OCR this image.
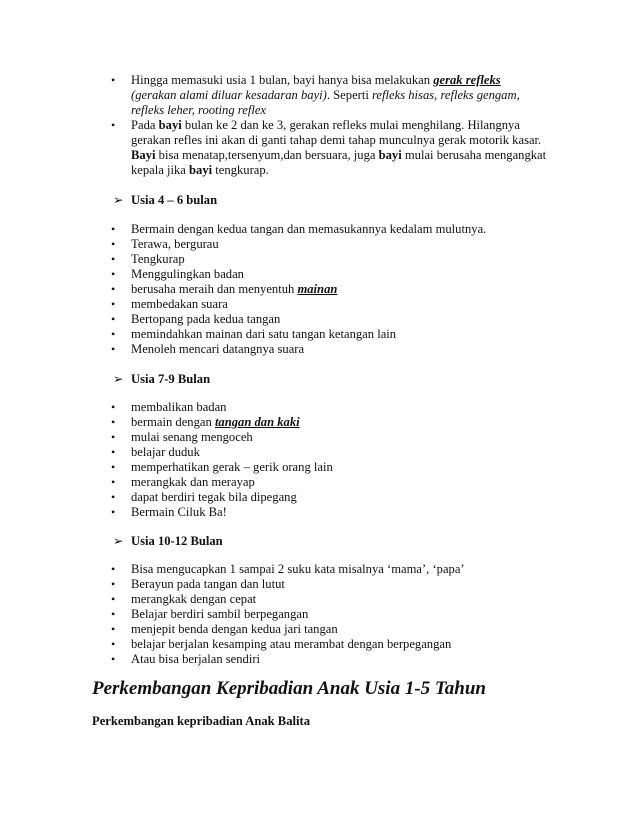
• Hingga memasuki usia 1 bulan, bayi hanya bisa melakukan gerak refleks
(gerakan alami diluar kesadaran bayi). Seperti refleks hisas, refleks gengam, refleks leher, rooting reflex
• Pada bayi bulan ke 2 dan ke 3, gerakan refleks mulai menghilang. Hilangnya gerakan refles ini akan di ganti tahap demi tahap munculnya gerak motorik kasar. Bayi bisa menatap,tersenyum,dan bersuara, juga bayi mulai berusaha mengangkat kepala jika bayi tengkurap.
➢ Usia 4 – 6 bulan
• Bermain dengan kedua tangan dan memasukannya kedalam mulutnya.
• Terawa, bergurau
• Tengkurap
• Menggulingkan badan
• berusaha meraih dan menyentuh mainan
• membedakan suara
• Bertopang pada kedua tangan
• memindahkan mainan dari satu tangan ketangan lain
• Menoleh mencari datangnya suara
➢ Usia 7-9 Bulan
• membalikan badan
• bermain dengan tangan dan kaki
• mulai senang mengoceh
• belajar duduk
• memperhatikan gerak – gerik orang lain
• merangkak dan merayap
• dapat berdiri tegak bila dipegang
• Bermain Ciluk Ba!
➢ Usia 10-12 Bulan
• Bisa mengucapkan 1 sampai 2 suku kata misalnya ‘mama’, ‘papa’
• Berayun pada tangan dan lutut
• merangkak dengan cepat
• Belajar berdiri sambil berpegangan
• menjepit benda dengan kedua jari tangan
• belajar berjalan kesamping atau merambat dengan berpegangan
• Atau bisa berjalan sendiri
Perkembangan Kepribadian Anak Usia 1-5 Tahun
Perkembangan kepribadian Anak Balita
